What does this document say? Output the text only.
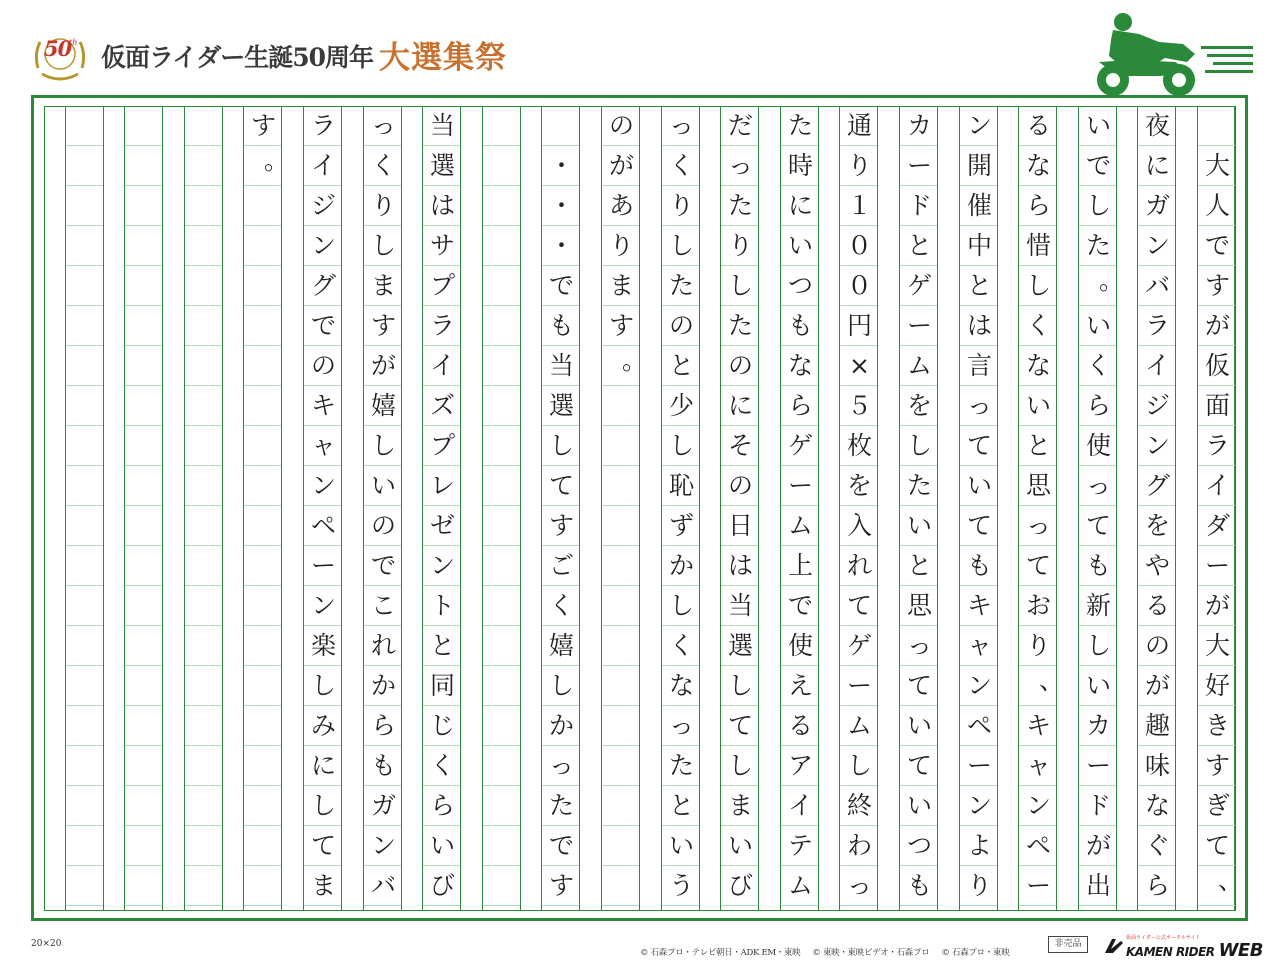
50
th
仮面ライダー生誕50周年 大選集祭
大
人
で
す
が
仮
面
ラ
イ
ダ
ー
が
大
好
き
す
ぎ
て
、
夜
に
ガ
ン
バ
ラ
イ
ジ
ン
グ
を
や
る
の
が
趣
味
な
ぐ
ら
い
で
し
た
。
い
く
ら
使
っ
て
も
新
し
い
カ
ー
ド
が
出
る
な
ら
惜
し
く
な
い
と
思
っ
て
お
り
、
キ
ャ
ン
ペ
ー
ン
開
催
中
と
は
言
っ
て
い
て
も
キ
ャ
ン
ペ
ー
ン
よ
り
カ
ー
ド
と
ゲ
ー
ム
を
し
た
い
と
思
っ
て
い
て
い
つ
も
通
り
１
０
０
円
×
５
枚
を
入
れ
て
ゲ
ー
ム
し
終
わ
っ
た
時
に
い
つ
も
な
ら
ゲ
ー
ム
上
で
使
え
る
ア
イ
テ
ム
だ
っ
た
り
し
た
の
に
そ
の
日
は
当
選
し
て
し
ま
い
び
っ
く
り
し
た
の
と
少
し
恥
ず
か
し
く
な
っ
た
と
い
う
の
が
あ
り
ま
す
。
・
・
・
で
も
当
選
し
て
す
ご
く
嬉
し
か
っ
た
で
す
当
選
は
サ
プ
ラ
イ
ズ
プ
レ
ゼ
ン
ト
と
同
じ
く
ら
い
び
っ
く
り
し
ま
す
が
嬉
し
い
の
で
こ
れ
か
ら
も
ガ
ン
バ
ラ
イ
ジ
ン
グ
で
の
キ
ャ
ン
ペ
ー
ン
楽
し
み
に
し
て
ま
す
。
20×20
© 石森プロ・テレビ朝日・ADK EM・東映 © 東映・東映ビデオ・石森プロ © 石森プロ・東映
非売品
仮面ライダー公式ポータルサイト
KAMEN RIDER WEB
